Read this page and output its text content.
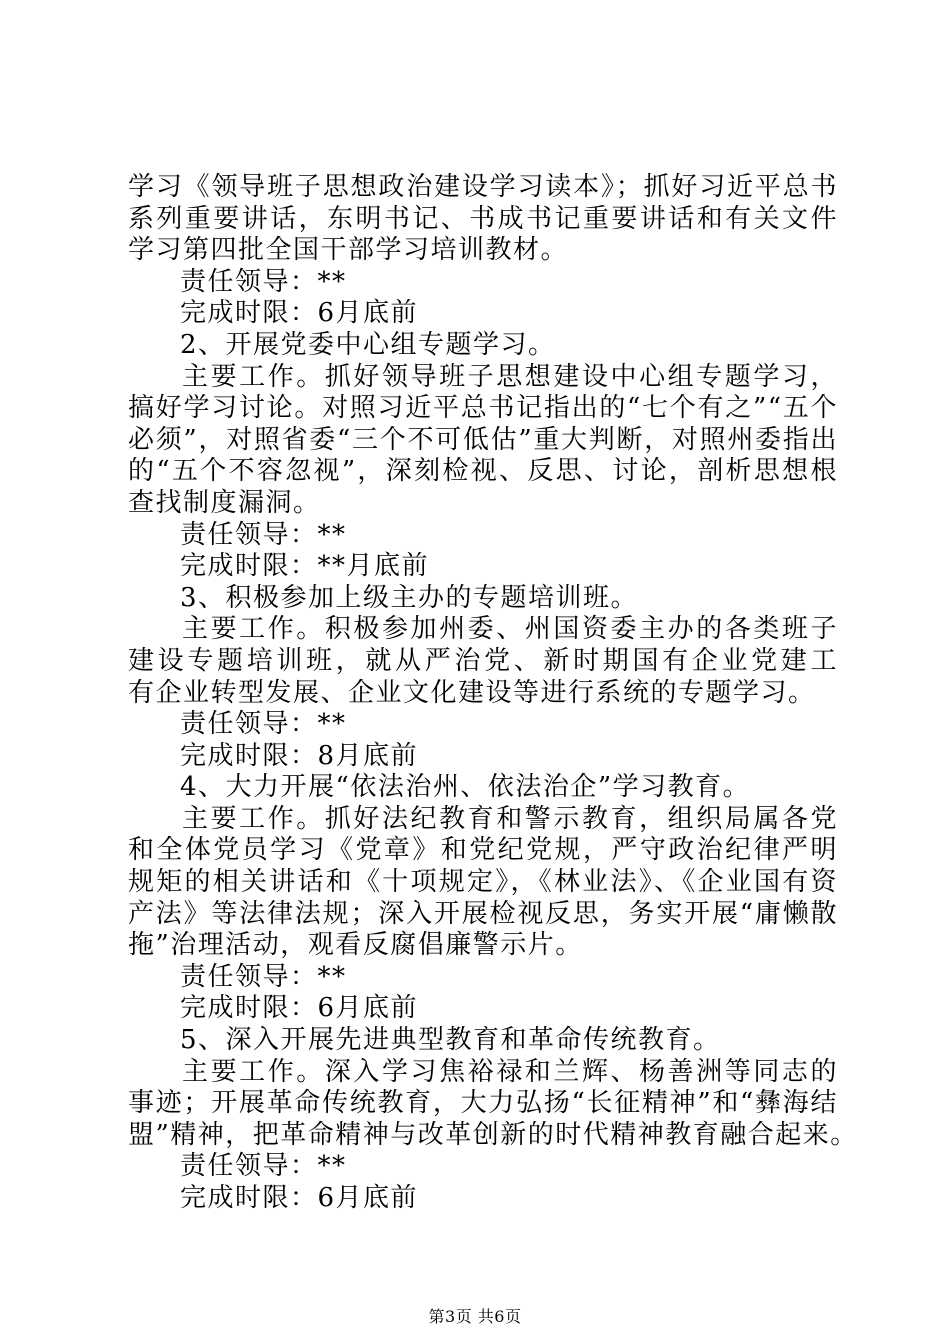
学习《领导班子思想政治建设学习读本》；抓好习近平总书
系列重要讲话，东明书记、书成书记重要讲话和有关文件
学习第四批全国干部学习培训教材。
责任领导：**
完成时限：6月底前
2、开展党委中心组专题学习。
主要工作。抓好领导班子思想建设中心组专题学习，
搞好学习讨论。对照习近平总书记指出的“七个有之”“五个
必须”，对照省委“三个不可低估”重大判断，对照州委指出
的“五个不容忽视”，深刻检视、反思、讨论，剖析思想根
查找制度漏洞。
责任领导：**
完成时限：**月底前
3、积极参加上级主办的专题培训班。
主要工作。积极参加州委、州国资委主办的各类班子
建设专题培训班，就从严治党、新时期国有企业党建工
有企业转型发展、企业文化建设等进行系统的专题学习。
责任领导：**
完成时限：8月底前
4、大力开展“依法治州、依法治企”学习教育。
主要工作。抓好法纪教育和警示教育，组织局属各党
和全体党员学习《党章》和党纪党规，严守政治纪律严明
规矩的相关讲话和《十项规定》，《林业法》、《企业国有资
产法》等法律法规；深入开展检视反思，务实开展“庸懒散
拖”治理活动，观看反腐倡廉警示片。
责任领导：**
完成时限：6月底前
5、深入开展先进典型教育和革命传统教育。
主要工作。深入学习焦裕禄和兰辉、杨善洲等同志的
事迹；开展革命传统教育，大力弘扬“长征精神”和“彝海结
盟”精神，把革命精神与改革创新的时代精神教育融合起来。
责任领导：**
完成时限：6月底前
第3页 共6页
